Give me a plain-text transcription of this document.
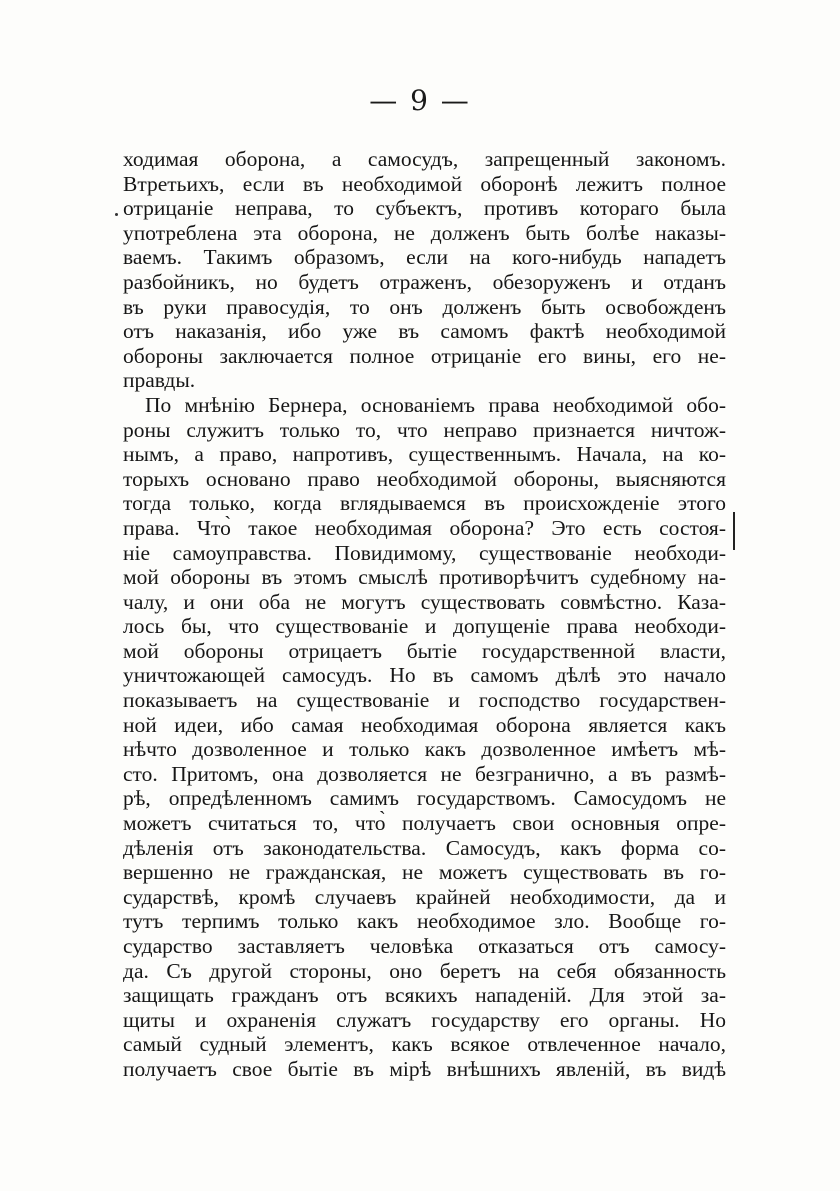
— 9 —
ходимая оборона, а самосудъ, запрещенный закономъ.
Втретьихъ, если въ необходимой оборонѣ лежитъ полное
отрицаніе неправа, то субъектъ, противъ котораго была
употреблена эта оборона, не долженъ быть болѣе наказы-
ваемъ. Такимъ образомъ, если на кого-нибудь нападетъ
разбойникъ, но будетъ отраженъ, обезоруженъ и отданъ
въ руки правосудія, то онъ долженъ быть освобожденъ
отъ наказанія, ибо уже въ самомъ фактѣ необходимой
обороны заключается полное отрицаніе его вины, его не-
правды.
По мнѣнію Бернера, основаніемъ права необходимой обо-
роны служитъ только то, что неправо признается ничтож-
нымъ, а право, напротивъ, существеннымъ. Начала, на ко-
торыхъ основано право необходимой обороны, выясняются
тогда только, когда вглядываемся въ происхожденіе этого
права. Что̀ такое необходимая оборона? Это есть состоя-
ніе самоуправства. Повидимому, существованіе необходи-
мой обороны въ этомъ смыслѣ противорѣчитъ судебному на-
чалу, и они оба не могутъ существовать совмѣстно. Каза-
лось бы, что существованіе и допущеніе права необходи-
мой обороны отрицаетъ бытіе государственной власти,
уничтожающей самосудъ. Но въ самомъ дѣлѣ это начало
показываетъ на существованіе и господство государствен-
ной идеи, ибо самая необходимая оборона является какъ
нѣчто дозволенное и только какъ дозволенное имѣетъ мѣ-
сто. Притомъ, она дозволяется не безгранично, а въ размѣ-
рѣ, опредѣленномъ самимъ государствомъ. Самосудомъ не
можетъ считаться то, что̀ получаетъ свои основныя опре-
дѣленія отъ законодательства. Самосудъ, какъ форма со-
вершенно не гражданская, не можетъ существовать въ го-
сударствѣ, кромѣ случаевъ крайней необходимости, да и
тутъ терпимъ только какъ необходимое зло. Вообще го-
сударство заставляетъ человѣка отказаться отъ самосу-
да. Съ другой стороны, оно беретъ на себя обязанность
защищать гражданъ отъ всякихъ нападеній. Для этой за-
щиты и охраненія служатъ государству его органы. Но
самый судный элементъ, какъ всякое отвлеченное начало,
получаетъ свое бытіе въ мірѣ внѣшнихъ явленій, въ видѣ
